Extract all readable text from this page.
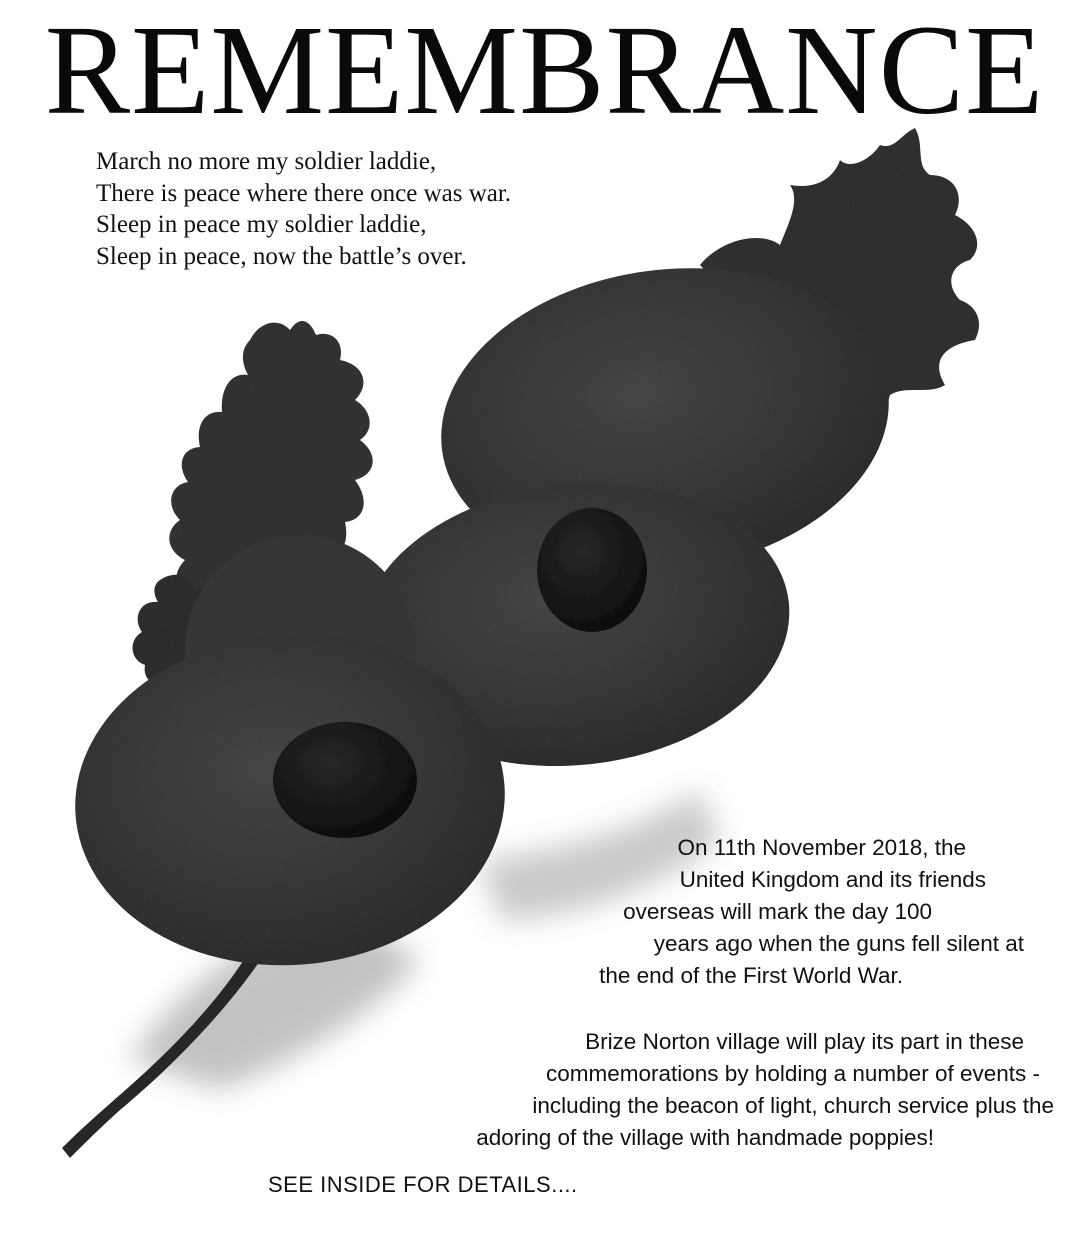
REMEMBRANCE
March no more my soldier laddie,
There is peace where there once was war.
Sleep in peace my soldier laddie,
Sleep in peace, now the battle’s over.
On 11th November 2018, the
United Kingdom and its friends
overseas will mark the day 100
years ago when the guns fell silent at
the end of the First World War.
Brize Norton village will play its part in these
commemorations by holding a number of events -
including the beacon of light, church service plus the
adoring of the village with handmade poppies!
SEE INSIDE FOR DETAILS....
